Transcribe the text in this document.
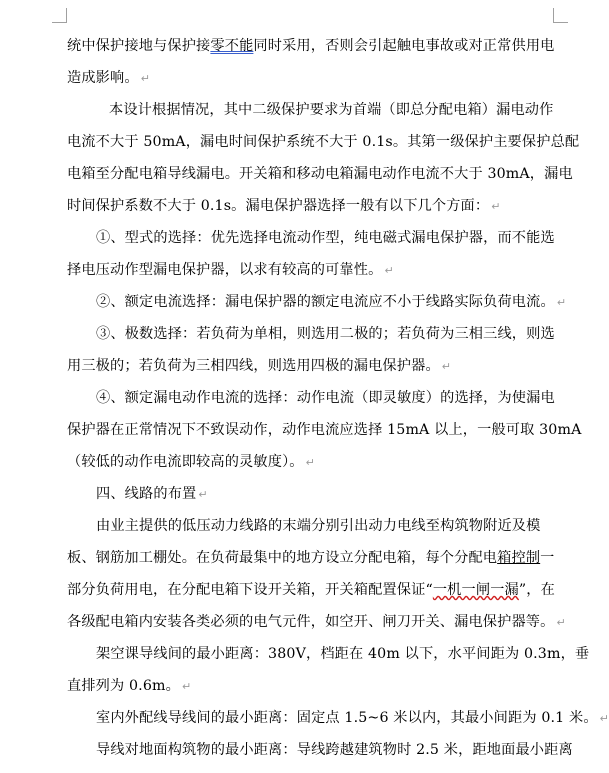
统中保护接地与保护接零不能同时采用，否则会引起触电事故或对正常供用电
造成影响。 ↵
本设计根据情况，其中二级保护要求为首端（即总分配电箱）漏电动作
电流不大于 50mA，漏电时间保护系统不大于 0.1s。其第一级保护主要保护总配
电箱至分配电箱导线漏电。开关箱和移动电箱漏电动作电流不大于 30mA，漏电
时间保护系数不大于 0.1s。漏电保护器选择一般有以下几个方面： ↵
①、型式的选择：优先选择电流动作型，纯电磁式漏电保护器，而不能选
择电压动作型漏电保护器，以求有较高的可靠性。 ↵
②、额定电流选择：漏电保护器的额定电流应不小于线路实际负荷电流。 ↵
③、极数选择：若负荷为单相，则选用二极的；若负荷为三相三线，则选
用三极的；若负荷为三相四线，则选用四极的漏电保护器。 ↵
④、额定漏电动作电流的选择：动作电流（即灵敏度）的选择，为使漏电
保护器在正常情况下不致误动作，动作电流应选择 15mA 以上，一般可取 30mA
（较低的动作电流即较高的灵敏度）。 ↵
四、线路的布置 ↵
由业主提供的低压动力线路的末端分别引出动力电线至构筑物附近及模
板、钢筋加工棚处。在负荷最集中的地方设立分配电箱，每个分配电箱控制一
部分负荷用电，在分配电箱下设开关箱，开关箱配置保证“一机一闸一漏”，在
各级配电箱内安装各类必须的电气元件，如空开、闸刀开关、漏电保护器等。 ↵
架空课导线间的最小距离：380V，档距在 40m 以下，水平间距为 0.3m，垂
直排列为 0.6m。 ↵
室内外配线导线间的最小距离：固定点 1.5~6 米以内，其最小间距为 0.1 米。 ↵
导线对地面构筑物的最小距离：导线跨越建筑物时 2.5 米，距地面最小距离
